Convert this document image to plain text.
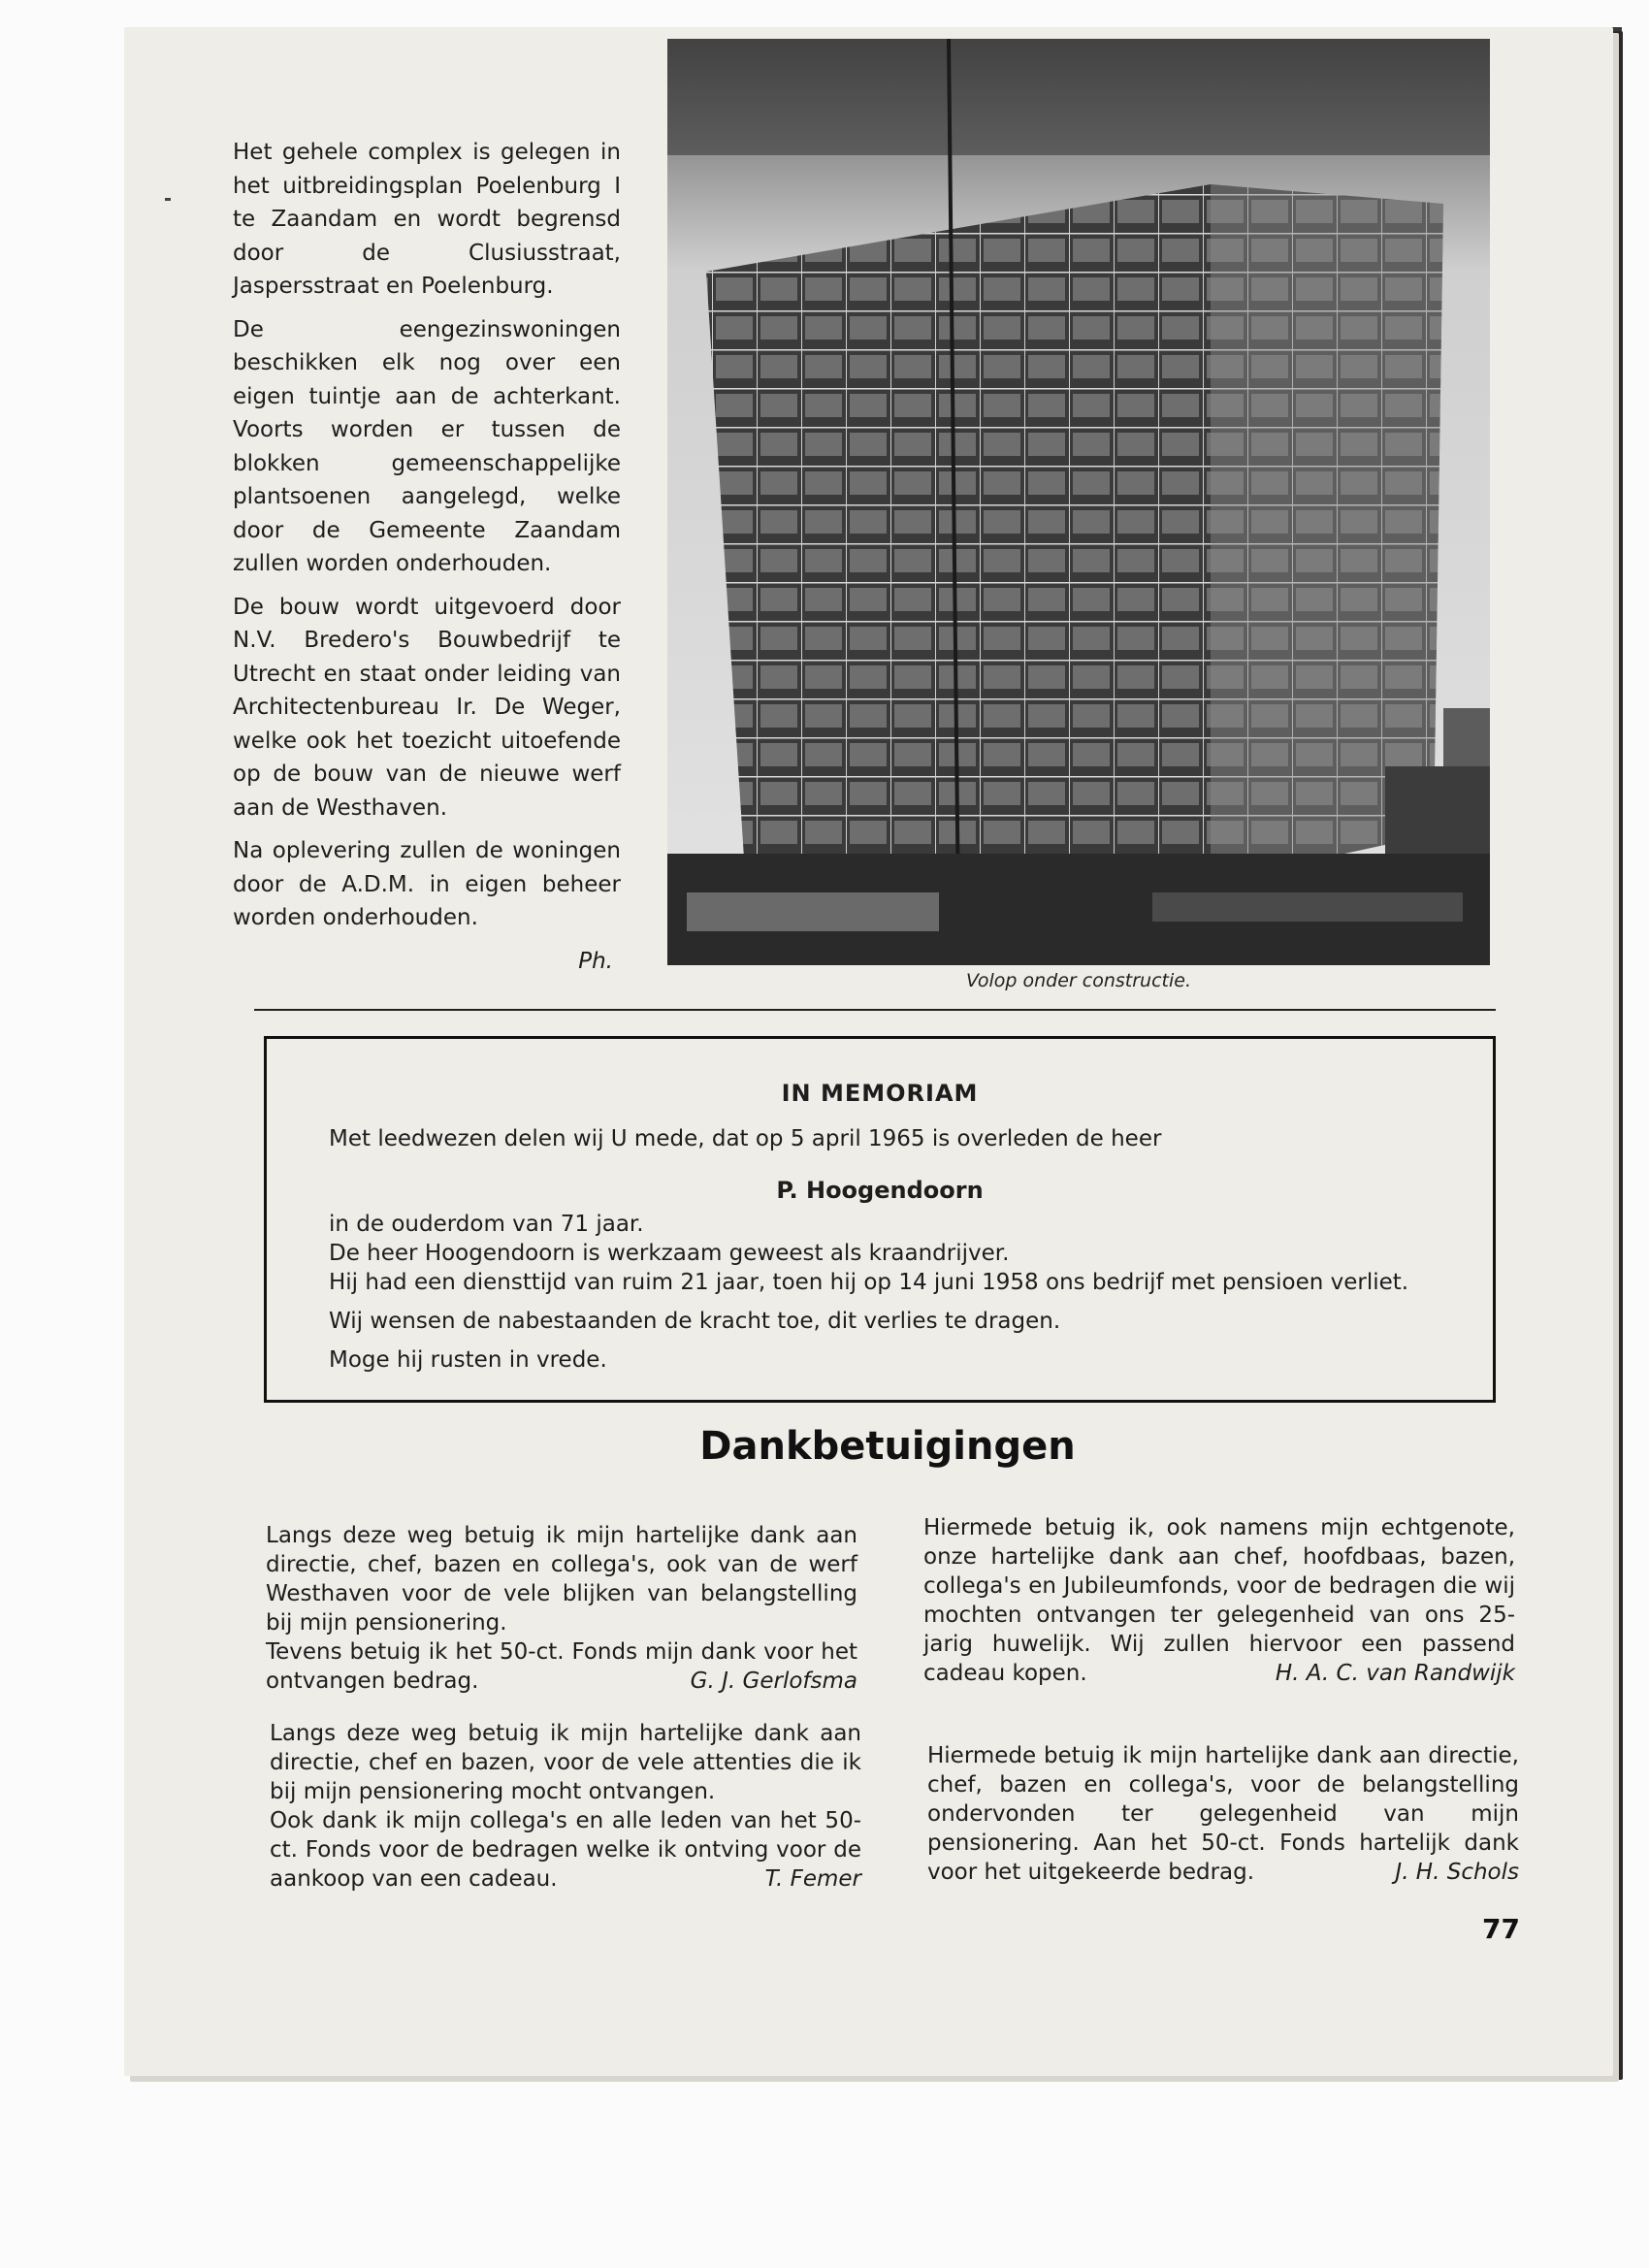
Het gehele complex is gelegen in het uitbreidingsplan Poelenburg I te Zaandam en wordt begrensd door de Clusiusstraat, Jaspersstraat en Poelenburg.

De eengezinswoningen beschikken elk nog over een eigen tuintje aan de achterkant. Voorts worden er tussen de blokken gemeenschappelijke plantsoenen aangelegd, welke door de Gemeente Zaandam zullen worden onderhouden.

De bouw wordt uitgevoerd door N.V. Bredero's Bouwbedrijf te Utrecht en staat onder leiding van Architectenbureau Ir. De Weger, welke ook het toezicht uitoefende op de bouw van de nieuwe werf aan de Westhaven.

Na oplevering zullen de woningen door de A.D.M. in eigen beheer worden onderhouden.

Ph.
Volop onder constructie.
IN MEMORIAM
Met leedwezen delen wij U mede, dat op 5 april 1965 is overleden de heer
P. Hoogendoorn
in de ouderdom van 71 jaar.
De heer Hoogendoorn is werkzaam geweest als kraandrijver.
Hij had een diensttijd van ruim 21 jaar, toen hij op 14 juni 1958 ons bedrijf met pensioen verliet.
Wij wensen de nabestaanden de kracht toe, dit verlies te dragen.
Moge hij rusten in vrede.
Dankbetuigingen

Langs deze weg betuig ik mijn hartelijke dank aan directie, chef, bazen en collega's, ook van de werf Westhaven voor de vele blijken van belangstelling bij mijn pensionering.

Tevens betuig ik het 50-ct. Fonds mijn dank voor het ontvangen bedrag.	G. J. Gerlofsma

Langs deze weg betuig ik mijn hartelijke dank aan directie, chef en bazen, voor de vele attenties die ik bij mijn pensionering mocht ontvangen.

Ook dank ik mijn collega's en alle leden van het 50-ct. Fonds voor de bedragen welke ik ontving voor de aankoop van een cadeau.	T. Femer

Hiermede betuig ik, ook namens mijn echtgenote, onze hartelijke dank aan chef, hoofdbaas, bazen, collega's en Jubileumfonds, voor de bedragen die wij mochten ontvangen ter gelegenheid van ons 25-jarig huwelijk. Wij zullen hiervoor een passend cadeau kopen.	H. A. C. van Randwijk

Hiermede betuig ik mijn hartelijke dank aan directie, chef, bazen en collega's, voor de belangstelling ondervonden ter gelegenheid van mijn pensionering. Aan het 50-ct. Fonds hartelijk dank voor het uitgekeerde bedrag.	J. H. Schols

77
